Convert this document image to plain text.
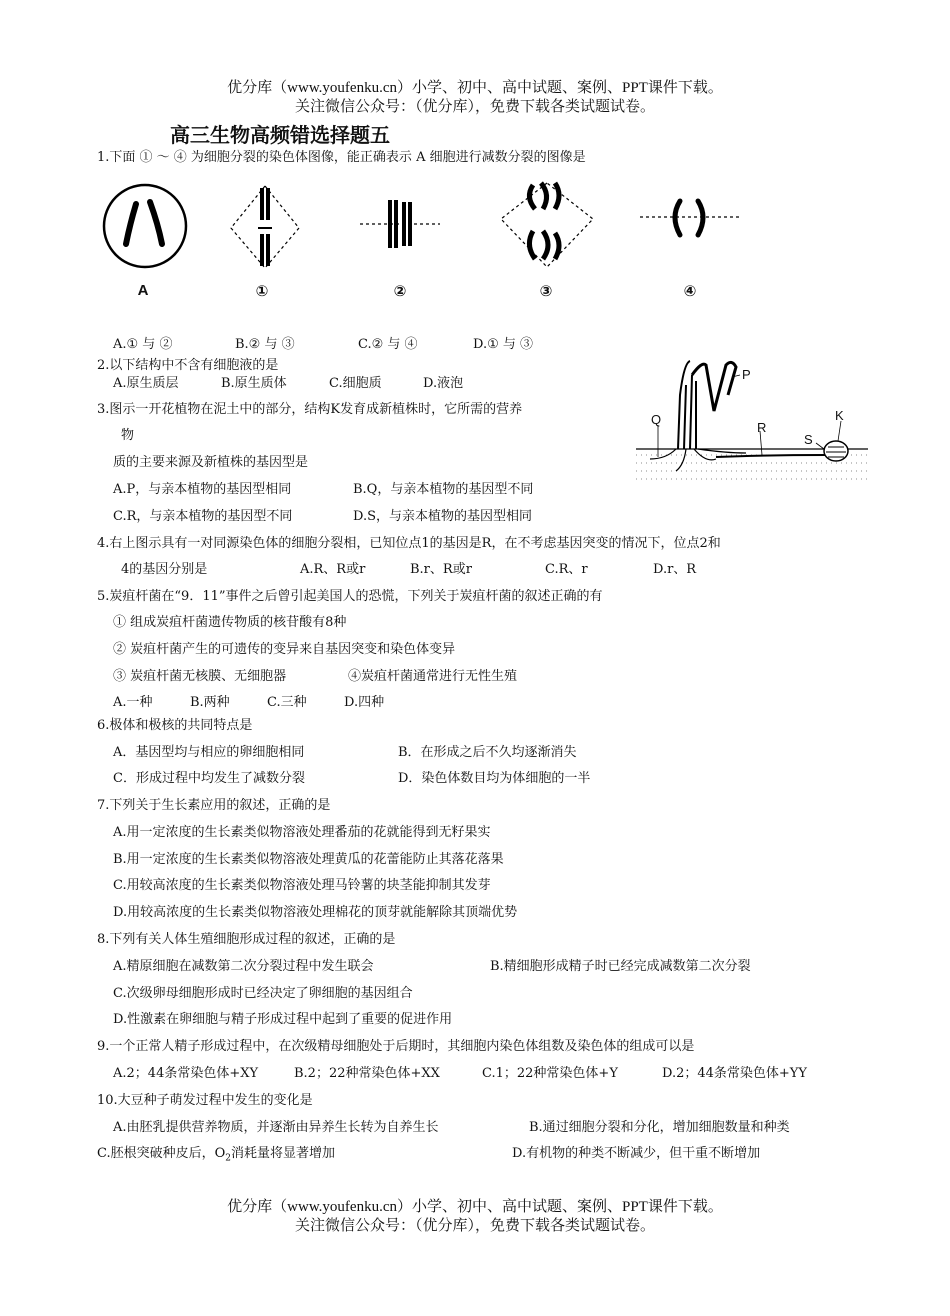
优分库（www.youfenku.cn）小学、初中、高中试题、案例、PPT课件下载。
关注微信公众号：（优分库），免费下载各类试题试卷。
高三生物高频错选择题五
1.下面 ① ～ ④ 为细胞分裂的染色体图像，能正确表示 A 细胞进行减数分裂的图像是
A	①	②	③	④
A.① 与 ②	B.② 与 ③	C.② 与 ④	D.① 与 ③
2.以下结构中不含有细胞液的是
A.原生质层	B.原生质体	C.细胞质	D.液泡
P
Q
R
S
K
3.图示一开花植物在泥土中的部分，结构K发育成新植株时，它所需的营养
物
质的主要来源及新植株的基因型是
A.P，与亲本植物的基因型相同	B.Q，与亲本植物的基因型不同
C.R，与亲本植物的基因型不同	D.S，与亲本植物的基因型相同
4.右上图示具有一对同源染色体的细胞分裂相，已知位点1的基因是R，在不考虑基因突变的情况下，位点2和
4的基因分别是	A.R、R或r	B.r、R或r	C.R、r	D.r、R
5.炭疽杆菌在“9．11”事件之后曾引起美国人的恐慌，下列关于炭疽杆菌的叙述正确的有
① 组成炭疽杆菌遗传物质的核苷酸有8种
② 炭疽杆菌产生的可遗传的变异来自基因突变和染色体变异
③ 炭疽杆菌无核膜、无细胞器	④炭疽杆菌通常进行无性生殖
A.一种	B.两种	C.三种	D.四种
6.极体和极核的共同特点是
A．基因型均与相应的卵细胞相同	B．在形成之后不久均逐渐消失
C．形成过程中均发生了减数分裂	D．染色体数目均为体细胞的一半
7.下列关于生长素应用的叙述，正确的是
A.用一定浓度的生长素类似物溶液处理番茄的花就能得到无籽果实
B.用一定浓度的生长素类似物溶液处理黄瓜的花蕾能防止其落花落果
C.用较高浓度的生长素类似物溶液处理马铃薯的块茎能抑制其发芽
D.用较高浓度的生长素类似物溶液处理棉花的顶芽就能解除其顶端优势
8.下列有关人体生殖细胞形成过程的叙述，正确的是
A.精原细胞在减数第二次分裂过程中发生联会	B.精细胞形成精子时已经完成减数第二次分裂
C.次级卵母细胞形成时已经决定了卵细胞的基因组合
D.性激素在卵细胞与精子形成过程中起到了重要的促进作用
9.一个正常人精子形成过程中，在次级精母细胞处于后期时，其细胞内染色体组数及染色体的组成可以是
A.2；44条常染色体+XY	B.2；22种常染色体+XX	C.1；22种常染色体+Y	D.2；44条常染色体+YY
10.大豆种子萌发过程中发生的变化是
A.由胚乳提供营养物质，并逐渐由异养生长转为自养生长	B.通过细胞分裂和分化，增加细胞数量和种类
C.胚根突破种皮后，$O_2$消耗量将显著增加	D.有机物的种类不断减少，但干重不断增加
优分库（www.youfenku.cn）小学、初中、高中试题、案例、PPT课件下载。
关注微信公众号：（优分库），免费下载各类试题试卷。
